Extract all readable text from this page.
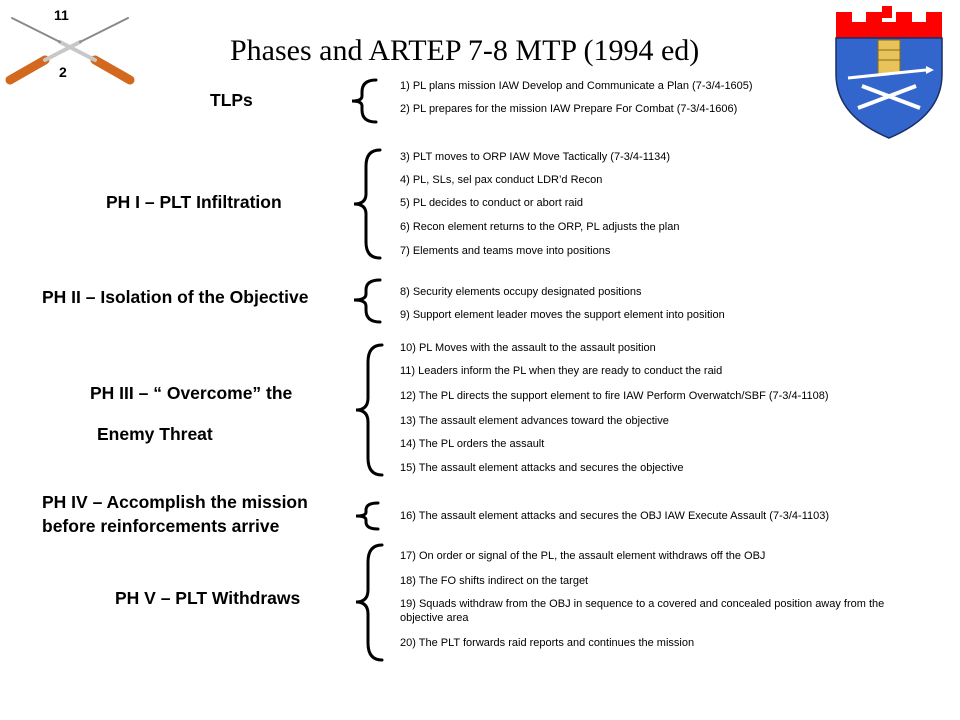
11
2
Phases and ARTEP 7-8 MTP (1994 ed)
TLPs
PH I – PLT Infiltration
PH II – Isolation of the Objective
PH III – “ Overcome” the
Enemy Threat
PH IV – Accomplish the mission
before reinforcements arrive
PH V – PLT Withdraws
1) PL plans mission IAW Develop and Communicate a Plan (7-3/4-1605)
2) PL prepares for the mission IAW Prepare For Combat (7-3/4-1606)
3) PLT moves to ORP IAW Move Tactically (7-3/4-1134)
4) PL, SLs, sel pax conduct LDR’d Recon
5) PL decides to conduct or abort raid
6) Recon element returns to the ORP, PL adjusts the plan
7) Elements and teams move into positions
8) Security elements occupy designated positions
9) Support element leader moves the support element into position
10) PL Moves with the assault to the assault position
11) Leaders inform the PL when they are ready to conduct the raid
12) The PL directs the support element to fire IAW Perform Overwatch/SBF (7-3/4-1108)
13) The assault element advances toward the objective
14) The PL orders the assault
15) The assault element attacks and secures the objective
16) The assault element attacks and secures the OBJ IAW Execute Assault (7-3/4-1103)
17) On order or signal of the PL, the assault element withdraws off the OBJ
18) The FO shifts indirect on the target
19) Squads withdraw from the OBJ in sequence to a covered and concealed position away from the objective area
20) The PLT forwards raid reports and continues the mission
